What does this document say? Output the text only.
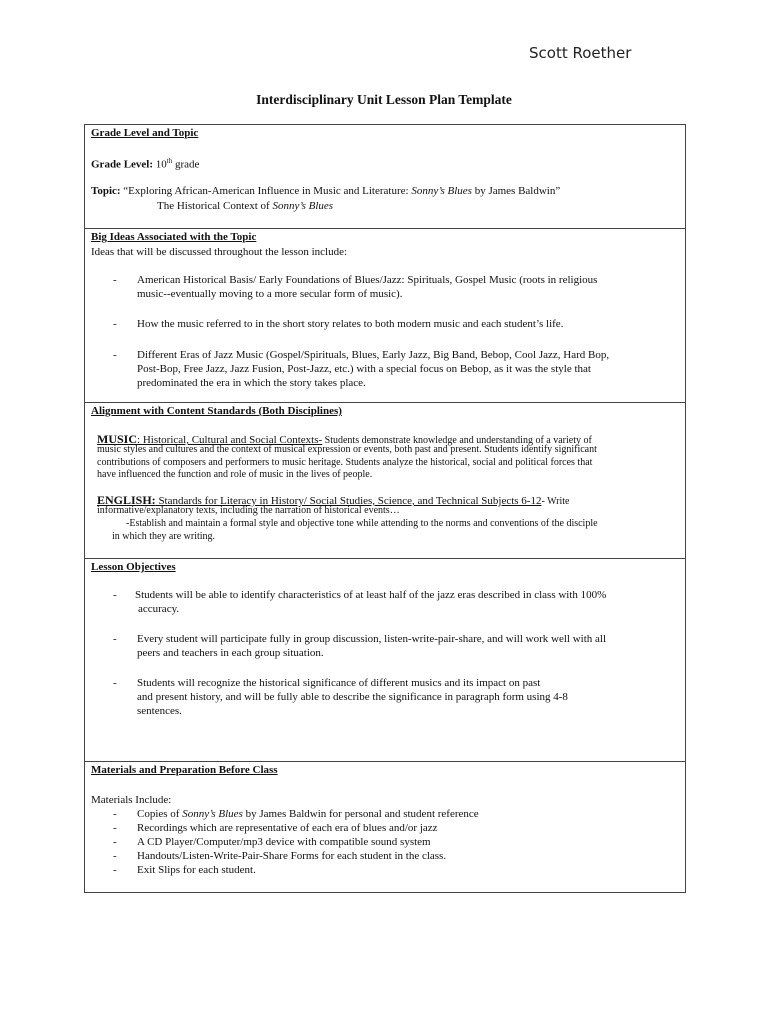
Scott Roether
Interdisciplinary Unit Lesson Plan Template
Grade Level and Topic
Grade Level: 10th grade
Topic: “Exploring African-American Influence in Music and Literature: Sonny’s Blues by James Baldwin”
The Historical Context of Sonny’s Blues
Big Ideas Associated with the Topic
Ideas that will be discussed throughout the lesson include:
- American Historical Basis/ Early Foundations of Blues/Jazz: Spirituals, Gospel Music (roots in religious
music--eventually moving to a more secular form of music).
- How the music referred to in the short story relates to both modern music and each student’s life.
- Different Eras of Jazz Music (Gospel/Spirituals, Blues, Early Jazz, Big Band, Bebop, Cool Jazz, Hard Bop,
Post-Bop, Free Jazz, Jazz Fusion, Post-Jazz, etc.) with a special focus on Bebop, as it was the style that
predominated the era in which the story takes place.
Alignment with Content Standards (Both Disciplines)
MUSIC: Historical, Cultural and Social Contexts- Students demonstrate knowledge and understanding of a variety of
music styles and cultures and the context of musical expression or events, both past and present. Students identify significant
contributions of composers and performers to music heritage. Students analyze the historical, social and political forces that
have influenced the function and role of music in the lives of people.
ENGLISH: Standards for Literacy in History/ Social Studies, Science, and Technical Subjects 6-12- Write
informative/explanatory texts, including the narration of historical events…
-Establish and maintain a formal style and objective tone while attending to the norms and conventions of the disciple
in which they are writing.
Lesson Objectives
- Students will be able to identify characteristics of at least half of the jazz eras described in class with 100%
accuracy.
- Every student will participate fully in group discussion, listen-write-pair-share, and will work well with all
peers and teachers in each group situation.
- Students will recognize the historical significance of different musics and its impact on past
and present history, and will be fully able to describe the significance in paragraph form using 4-8
sentences.
Materials and Preparation Before Class
Materials Include:
- Copies of Sonny’s Blues by James Baldwin for personal and student reference
- Recordings which are representative of each era of blues and/or jazz
- A CD Player/Computer/mp3 device with compatible sound system
- Handouts/Listen-Write-Pair-Share Forms for each student in the class.
- Exit Slips for each student.
